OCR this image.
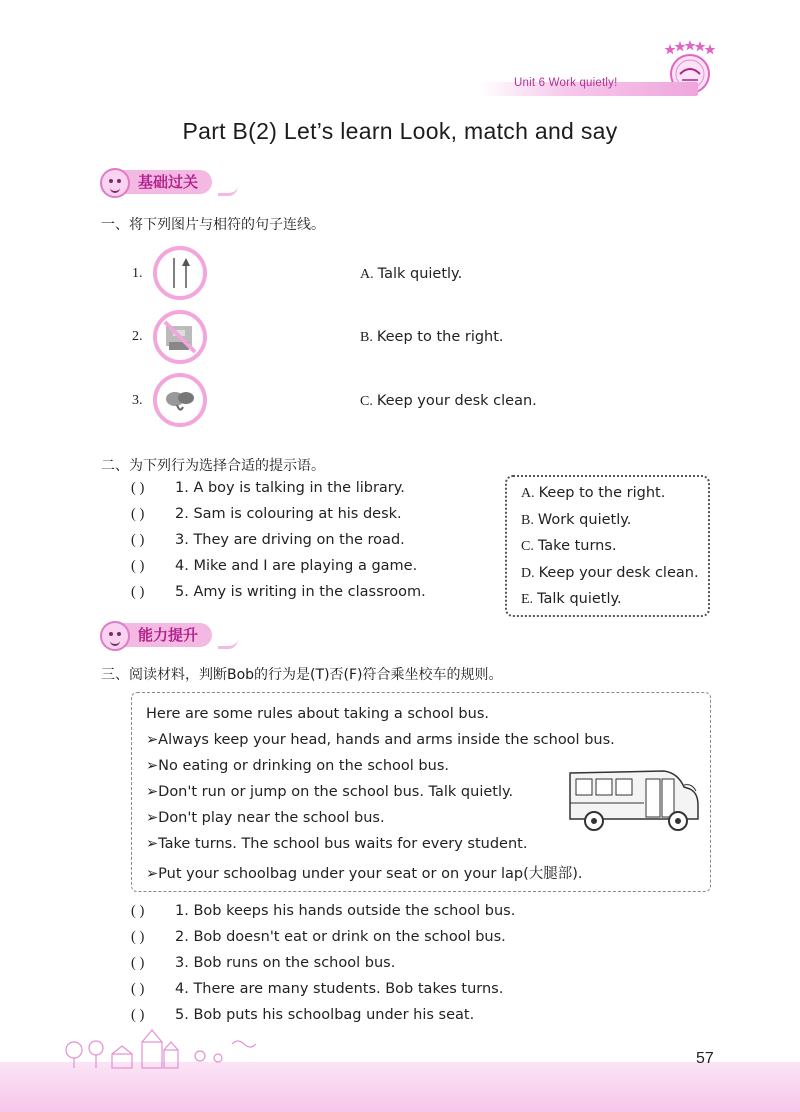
Unit 6 Work quietly!
Part B(2) Let’s learn Look, match and say
基础过关
一、将下列图片与相符的句子连线。
1.	A. Talk quietly.
2.	B. Keep to the right.
3.	C. Keep your desk clean.
二、为下列行为选择合适的提示语。
( ) 1. A boy is talking in the library.
( ) 2. Sam is colouring at his desk.
( ) 3. They are driving on the road.
( ) 4. Mike and I are playing a game.
( ) 5. Amy is writing in the classroom.
A. Keep to the right.
B. Work quietly.
C. Take turns.
D. Keep your desk clean.
E. Talk quietly.
能力提升
三、阅读材料，判断Bob的行为是(T)否(F)符合乘坐校车的规则。
Here are some rules about taking a school bus.
➢Always keep your head, hands and arms inside the school bus.
➢No eating or drinking on the school bus.
➢Don't run or jump on the school bus. Talk quietly.
➢Don't play near the school bus.
➢Take turns. The school bus waits for every student.
➢Put your schoolbag under your seat or on your lap(大腿部).
( ) 1. Bob keeps his hands outside the school bus.
( ) 2. Bob doesn't eat or drink on the school bus.
( ) 3. Bob runs on the school bus.
( ) 4. There are many students. Bob takes turns.
( ) 5. Bob puts his schoolbag under his seat.
57
